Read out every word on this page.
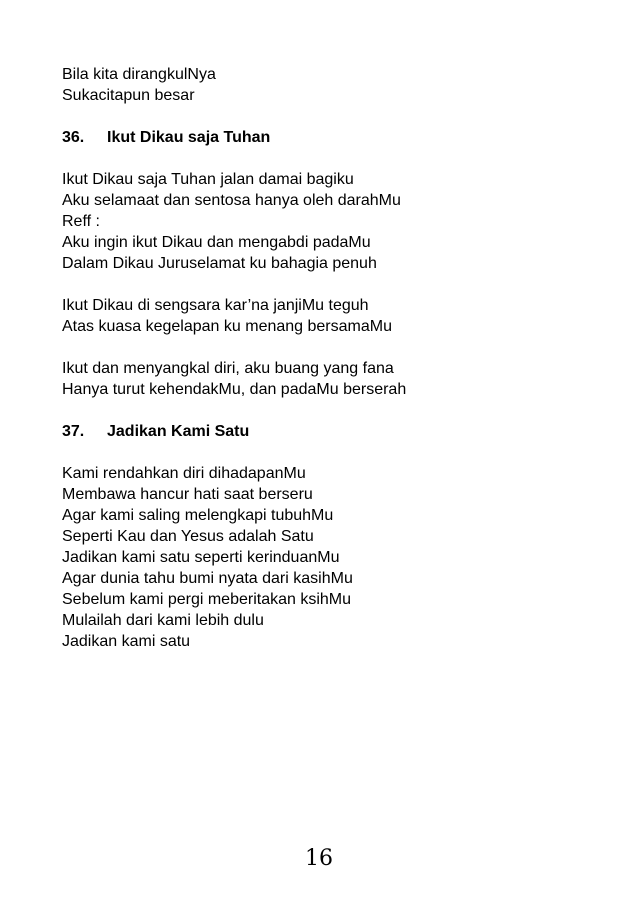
Bila kita dirangkulNya
Sukacitapun besar
36. Ikut Dikau saja Tuhan
Ikut Dikau saja Tuhan jalan damai bagiku
Aku selamaat dan sentosa hanya oleh darahMu
Reff :
Aku ingin ikut Dikau dan mengabdi padaMu
Dalam Dikau Juruselamat ku bahagia penuh
Ikut Dikau di sengsara kar’na janjiMu teguh
Atas kuasa kegelapan ku menang bersamaMu
Ikut dan menyangkal diri, aku buang yang fana
Hanya turut kehendakMu, dan padaMu berserah
37. Jadikan Kami Satu
Kami rendahkan diri dihadapanMu
Membawa hancur hati saat berseru
Agar kami saling melengkapi tubuhMu
Seperti Kau dan Yesus adalah Satu
Jadikan kami satu seperti kerinduanMu
Agar dunia tahu bumi nyata dari kasihMu
Sebelum kami pergi meberitakan ksihMu
Mulailah dari kami lebih dulu
Jadikan kami satu
16
